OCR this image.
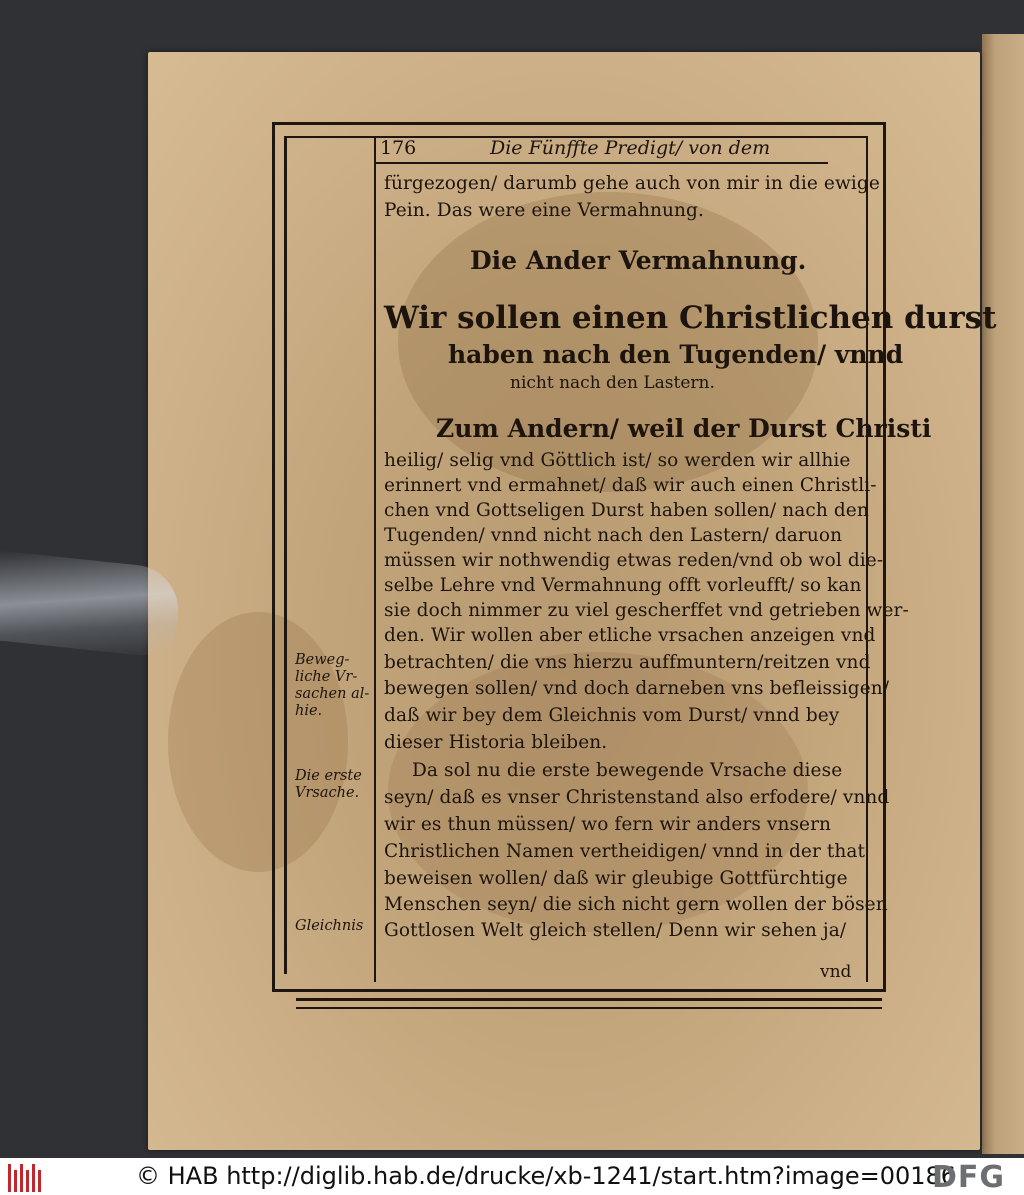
176	Die Fünffte Predigt/ von dem
fürgezogen/ darumb gehe auch von mir in die ewige
Pein. Das were eine Vermahnung.
Die Ander Vermahnung.
Wir sollen einen Christlichen durst
haben nach den Tugenden/ vnnd
nicht nach den Lastern.
Zum Andern/ weil der Durst Christi
heilig/ selig vnd Göttlich ist/ so werden wir allhie
erinnert vnd ermahnet/ daß wir auch einen Christli-
chen vnd Gottseligen Durst haben sollen/ nach den
Tugenden/ vnnd nicht nach den Lastern/ daruon
müssen wir nothwendig etwas reden/vnd ob wol die-
selbe Lehre vnd Vermahnung offt vorleufft/ so kan
sie doch nimmer zu viel gescherffet vnd getrieben wer-
den. Wir wollen aber etliche vrsachen anzeigen vnd
betrachten/ die vns hierzu auffmuntern/reitzen vnd
bewegen sollen/ vnd doch darneben vns befleissigen/
daß wir bey dem Gleichnis vom Durst/ vnnd bey
dieser Historia bleiben.
Da sol nu die erste bewegende Vrsache diese
seyn/ daß es vnser Christenstand also erfodere/ vnnd
wir es thun müssen/ wo fern wir anders vnsern
Christlichen Namen vertheidigen/ vnnd in der that
beweisen wollen/ daß wir gleubige Gottfürchtige
Menschen seyn/ die sich nicht gern wollen der bösen
Gottlosen Welt gleich stellen/ Denn wir sehen ja/
vnd
Beweg- liche Vr- sachen al- hie.
Die erste Vrsache.
Gleichnis
© HAB http://diglib.hab.de/drucke/xb-1241/start.htm?image=00186
DFG
